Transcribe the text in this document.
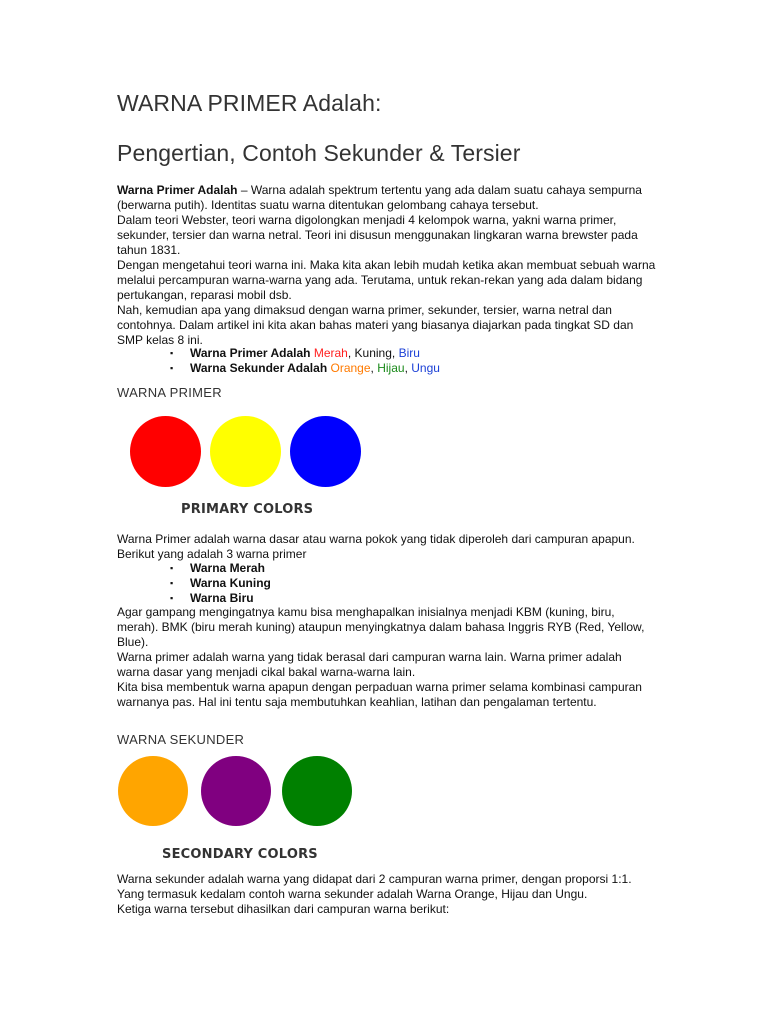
WARNA PRIMER Adalah:
Pengertian, Contoh Sekunder & Tersier
Warna Primer Adalah – Warna adalah spektrum tertentu yang ada dalam suatu cahaya sempurna (berwarna putih). Identitas suatu warna ditentukan gelombang cahaya tersebut.
Dalam teori Webster, teori warna digolongkan menjadi 4 kelompok warna, yakni warna primer, sekunder, tersier dan warna netral. Teori ini disusun menggunakan lingkaran warna brewster pada tahun 1831.
Dengan mengetahui teori warna ini. Maka kita akan lebih mudah ketika akan membuat sebuah warna melalui percampuran warna-warna yang ada. Terutama, untuk rekan-rekan yang ada dalam bidang pertukangan, reparasi mobil dsb.
Nah, kemudian apa yang dimaksud dengan warna primer, sekunder, tersier, warna netral dan contohnya. Dalam artikel ini kita akan bahas materi yang biasanya diajarkan pada tingkat SD dan SMP kelas 8 ini.
▪ Warna Primer Adalah Merah, Kuning, Biru
▪ Warna Sekunder Adalah Orange, Hijau, Ungu
WARNA PRIMER
PRIMARY COLORS
Warna Primer adalah warna dasar atau warna pokok yang tidak diperoleh dari campuran apapun. Berikut yang adalah 3 warna primer
▪ Warna Merah
▪ Warna Kuning
▪ Warna Biru
Agar gampang mengingatnya kamu bisa menghapalkan inisialnya menjadi KBM (kuning, biru, merah). BMK (biru merah kuning) ataupun menyingkatnya dalam bahasa Inggris RYB (Red, Yellow, Blue).
Warna primer adalah warna yang tidak berasal dari campuran warna lain. Warna primer adalah warna dasar yang menjadi cikal bakal warna-warna lain.
Kita bisa membentuk warna apapun dengan perpaduan warna primer selama kombinasi campuran warnanya pas. Hal ini tentu saja membutuhkan keahlian, latihan dan pengalaman tertentu.
WARNA SEKUNDER
SECONDARY COLORS
Warna sekunder adalah warna yang didapat dari 2 campuran warna primer, dengan proporsi 1:1.
Yang termasuk kedalam contoh warna sekunder adalah Warna Orange, Hijau dan Ungu.
Ketiga warna tersebut dihasilkan dari campuran warna berikut:
